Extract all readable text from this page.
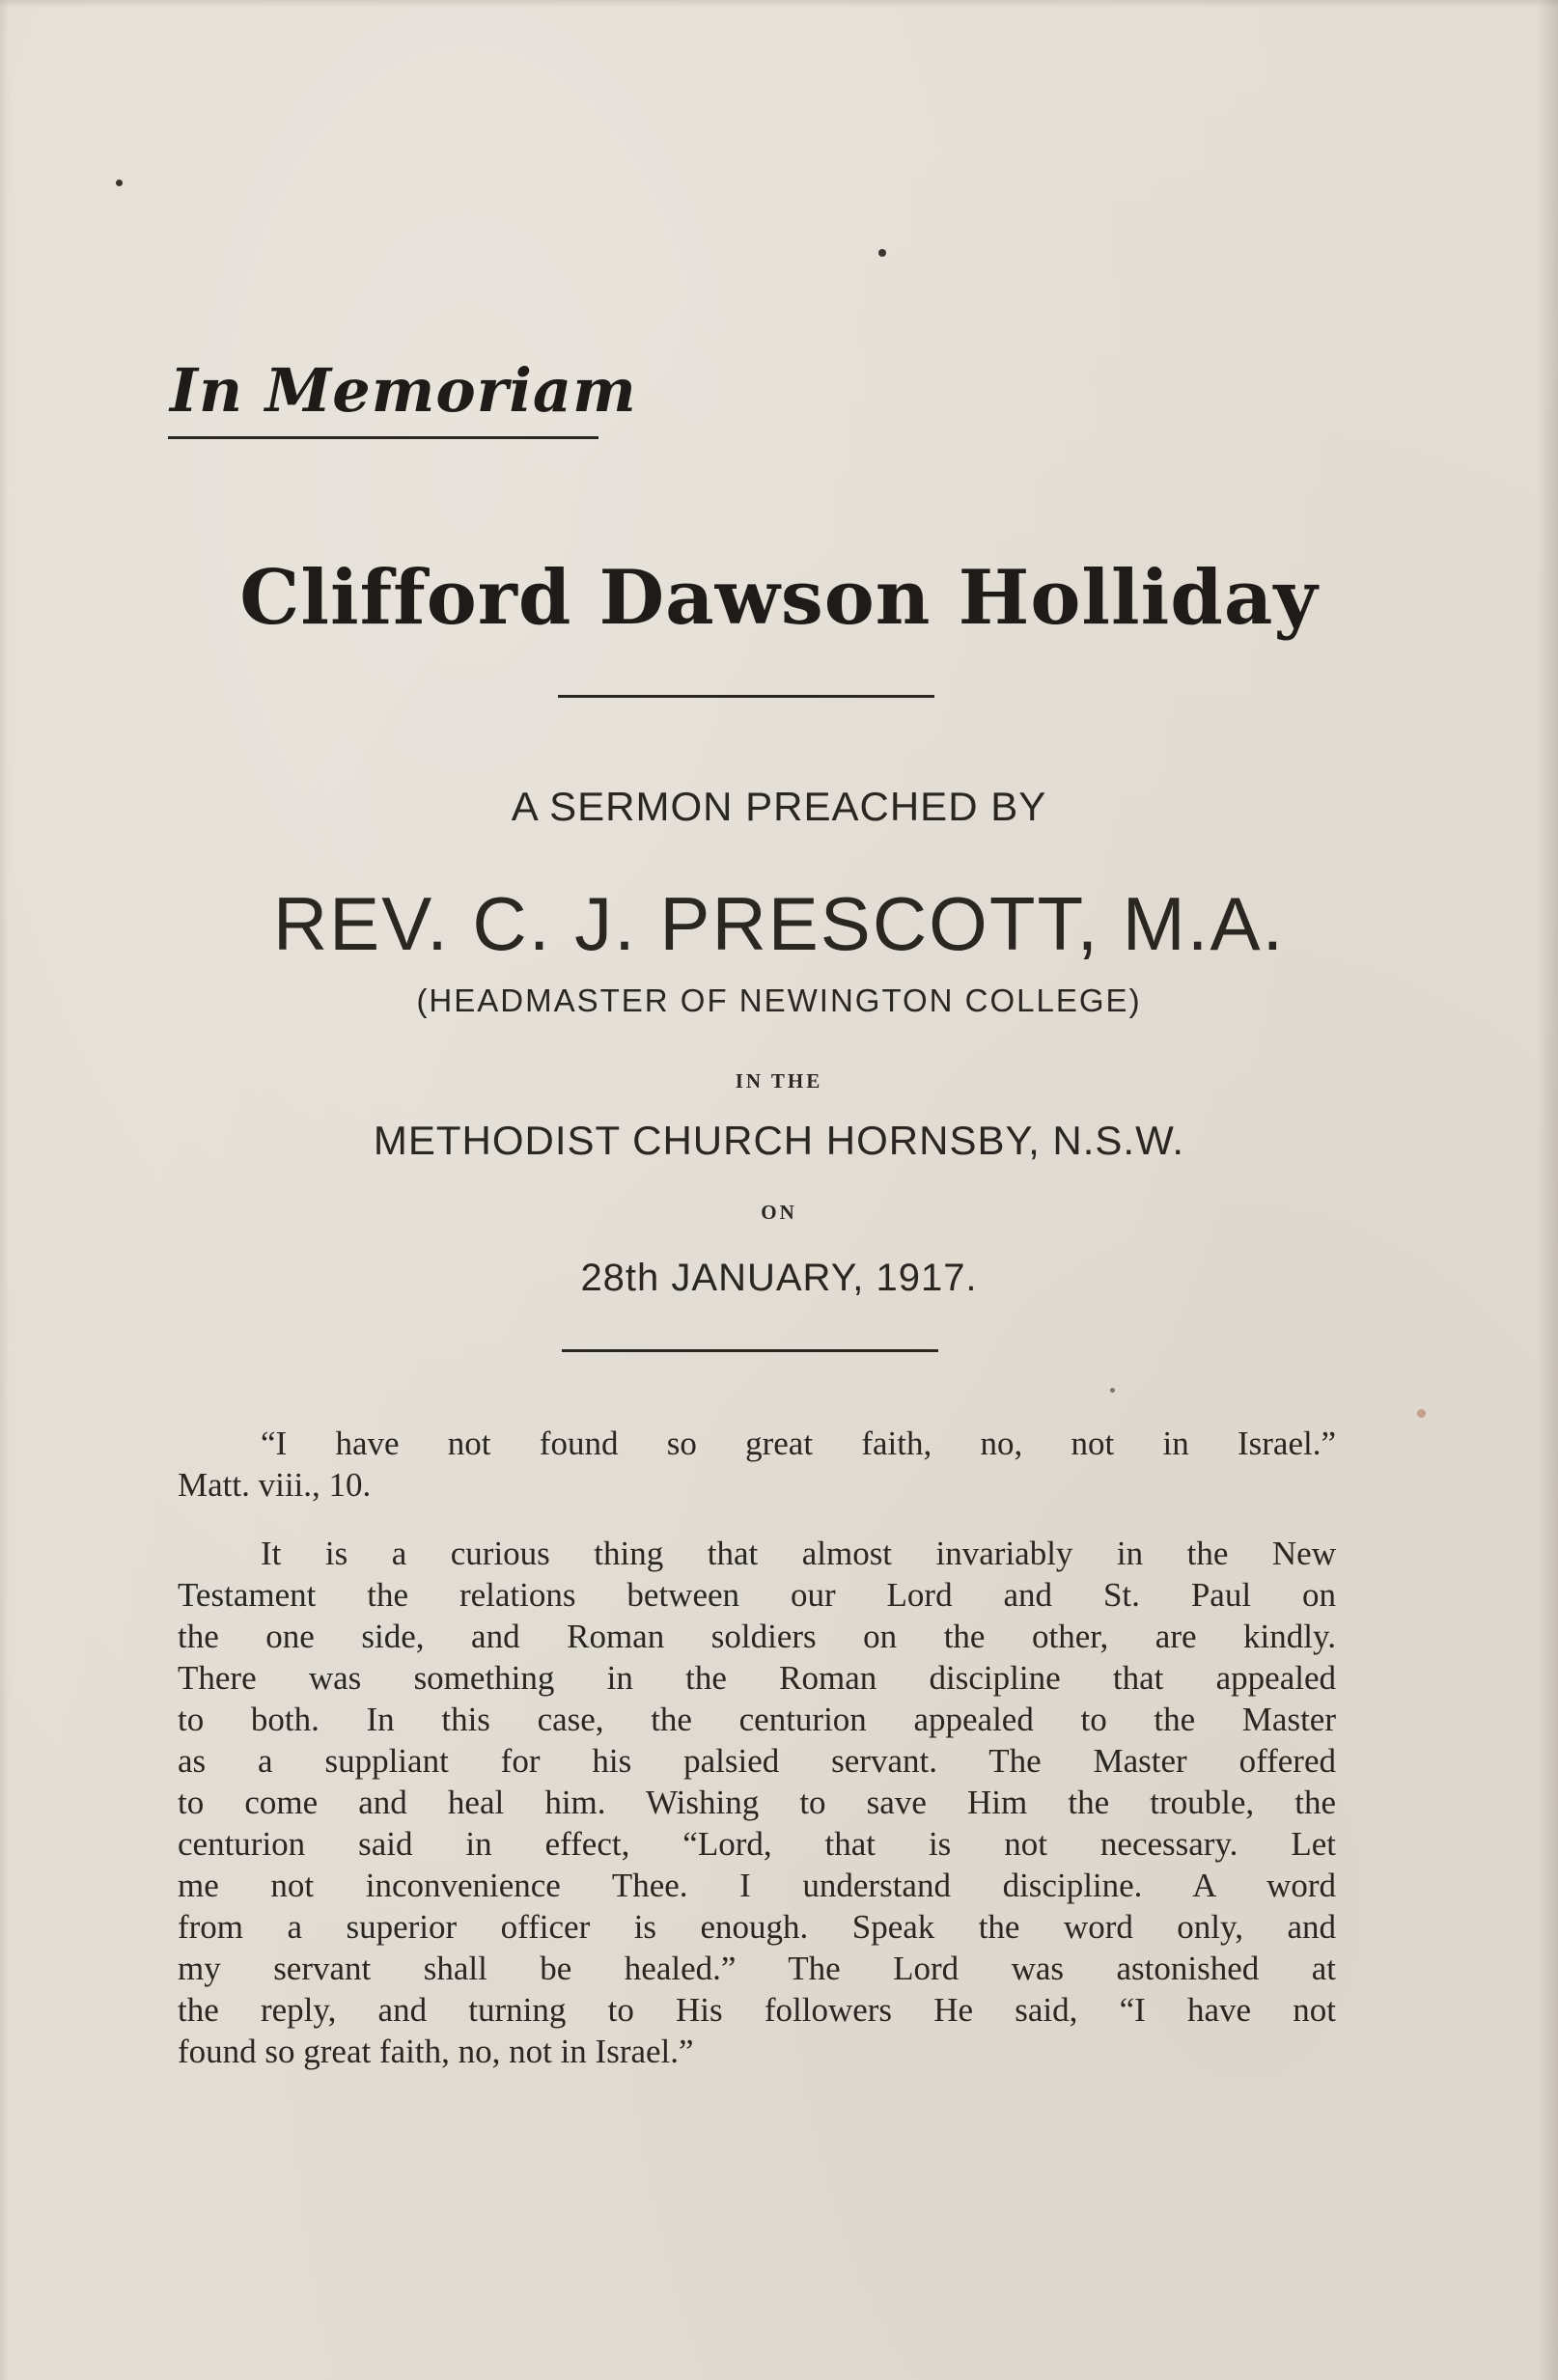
In Memoriam
Clifford Dawson Holliday
A SERMON PREACHED BY
REV. C. J. PRESCOTT, M.A.
(HEADMASTER OF NEWINGTON COLLEGE)
IN THE
METHODIST CHURCH HORNSBY, N.S.W.
ON
28th JANUARY, 1917.
“I have not found so great faith, no, not in Israel.”
Matt. viii., 10.
It is a curious thing that almost invariably in the New
Testament the relations between our Lord and St. Paul on
the one side, and Roman soldiers on the other, are kindly.
There was something in the Roman discipline that appealed
to both. In this case, the centurion appealed to the Master
as a suppliant for his palsied servant. The Master offered
to come and heal him. Wishing to save Him the trouble, the
centurion said in effect, “Lord, that is not necessary. Let
me not inconvenience Thee. I understand discipline. A word
from a superior officer is enough. Speak the word only, and
my servant shall be healed.” The Lord was astonished at
the reply, and turning to His followers He said, “I have not
found so great faith, no, not in Israel.”
